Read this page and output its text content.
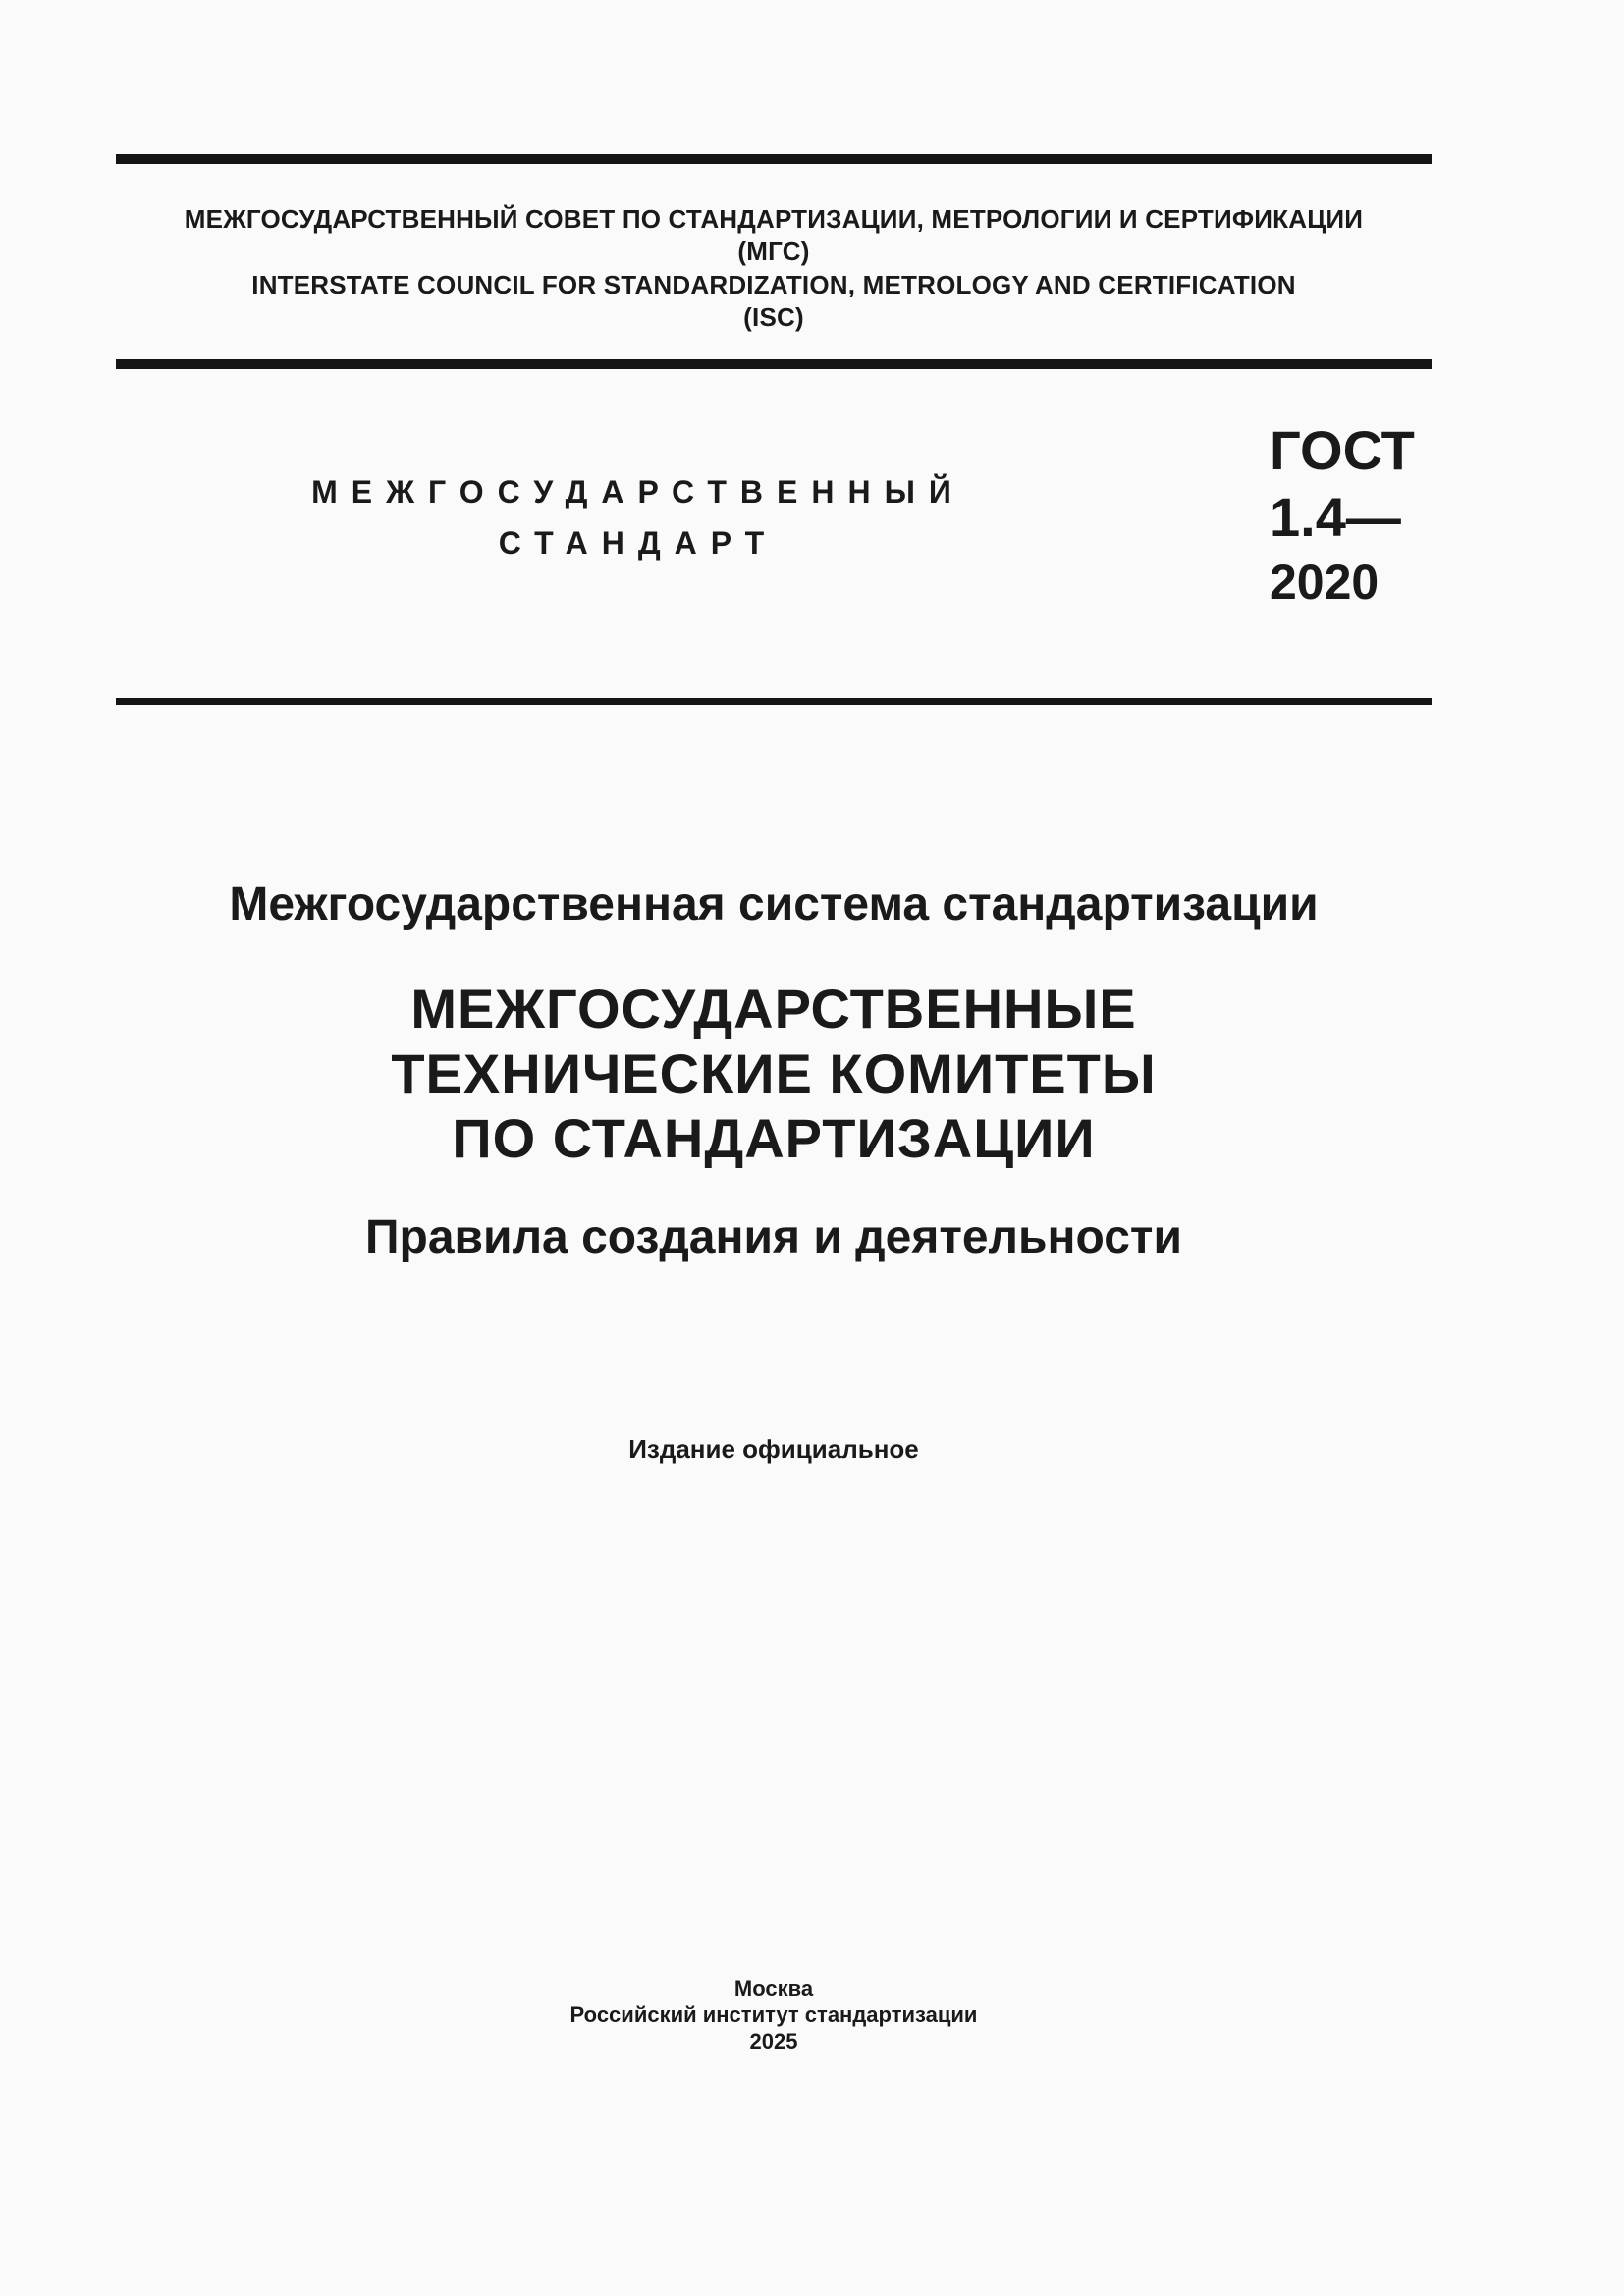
МЕЖГОСУДАРСТВЕННЫЙ СОВЕТ ПО СТАНДАРТИЗАЦИИ, МЕТРОЛОГИИ И СЕРТИФИКАЦИИ
(МГС)
INTERSTATE COUNCIL FOR STANDARDIZATION, METROLOGY AND CERTIFICATION
(ISC)
МЕЖГОСУДАРСТВЕННЫЙ
СТАНДАРТ
ГОСТ
1.4—
2020
Межгосударственная система стандартизации
МЕЖГОСУДАРСТВЕННЫЕ
ТЕХНИЧЕСКИЕ КОМИТЕТЫ
ПО СТАНДАРТИЗАЦИИ
Правила создания и деятельности
Издание официальное
Москва
Российский институт стандартизации
2025
